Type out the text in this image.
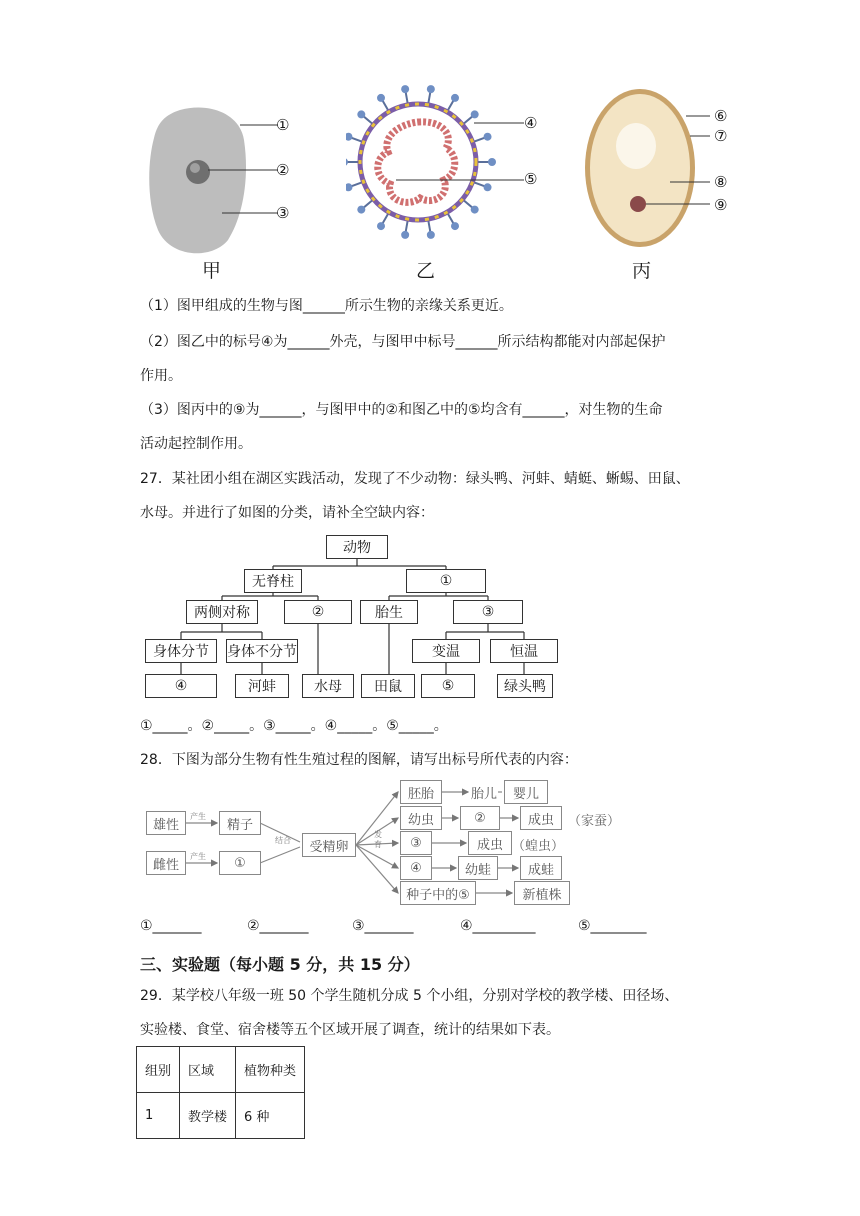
①
②
③
④
⑤
⑥
⑦
⑧
⑨
甲	乙	丙
（1）图甲组成的生物与图______所示生物的亲缘关系更近。
（2）图乙中的标号④为______外壳，与图甲中标号______所示结构都能对内部起保护
作用。
（3）图丙中的⑨为______，与图甲中的②和图乙中的⑤均含有______，对生物的生命
活动起控制作用。
27．某社团小组在湖区实践活动，发现了不少动物：绿头鸭、河蚌、蜻蜓、蜥蜴、田鼠、
水母。并进行了如图的分类，请补全空缺内容：
动物
无脊柱	①
两侧对称	②	胎生	③
身体分节	身体不分节	变温	恒温
④	河蚌	水母	田鼠	⑤	绿头鸭
①_____。②_____。③_____。④_____。⑤_____。
28．下图为部分生物有性生殖过程的图解，请写出标号所代表的内容：
雄性
雌性
产生
产生
精子
①
结合	受精卵
发育
胚胎	胎儿	婴儿
幼虫	②	成虫	（家蚕）
③	成虫 （蝗虫）
④	幼蛙	成蛙
种子中的⑤	新植株
①_______	②_______	③_______	④_________	⑤________
三、实验题（每小题 5 分，共 15 分）
29．某学校八年级一班 50 个学生随机分成 5 个小组，分别对学校的教学楼、田径场、
实验楼、食堂、宿舍楼等五个区域开展了调查，统计的结果如下表。
组别	区域	植物种类
1	教学楼	6 种
